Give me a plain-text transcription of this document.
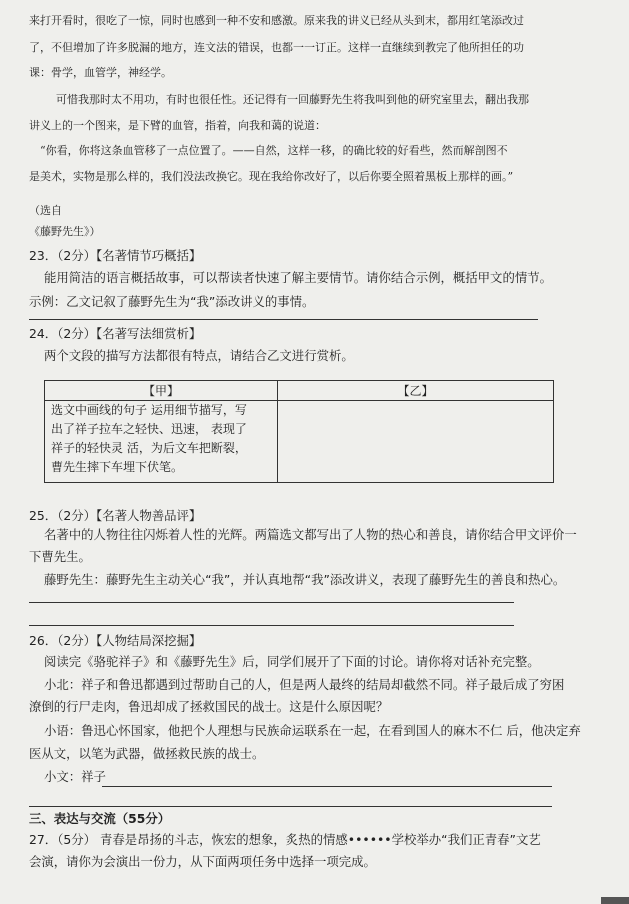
来打开看时，很吃了一惊，同时也感到一种不安和感激。原来我的讲义已经从头到末，都用红笔添改过
了，不但增加了许多脱漏的地方，连文法的错误，也都一一订正。这样一直继续到教完了他所担任的功
课：骨学，血管学，神经学。
可惜我那时太不用功，有时也很任性。还记得有一回藤野先生将我叫到他的研究室里去，翻出我那
讲义上的一个图来，是下臂的血管，指着，向我和蔼的说道：
“你看，你将这条血管移了一点位置了。——自然，这样一移，的确比较的好看些，然而解剖图不
是美术，实物是那么样的，我们没法改换它。现在我给你改好了，以后你要全照着黑板上那样的画。”
（选自
《藤野先生》）
23．（2分）【名著情节巧概括】
能用简洁的语言概括故事，可以帮读者快速了解主要情节。请你结合示例，概括甲文的情节。
示例：乙文记叙了藤野先生为“我”添改讲义的事情。
24．（2分）【名著写法细赏析】
两个文段的描写方法都很有特点，请结合乙文进行赏析。
【甲】	【乙】

选文中画线的句子 运用细节描写，写
出了祥子拉车之轻快、迅速， 表现了
祥子的轻快灵 活，为后文车把断裂，
曹先生摔下车埋下伏笔。	

25．（2分）【名著人物善品评】
名著中的人物往往闪烁着人性的光辉。两篇选文都写出了人物的热心和善良，请你结合甲文评价一
下曹先生。
藤野先生：藤野先生主动关心“我”，并认真地帮“我”添改讲义，表现了藤野先生的善良和热心。
26．（2分）【人物结局深挖掘】
阅读完《骆驼祥子》和《藤野先生》后，同学们展开了下面的讨论。请你将对话补充完整。
小北：祥子和鲁迅都遇到过帮助自己的人，但是两人最终的结局却截然不同。祥子最后成了穷困
潦倒的行尸走肉，鲁迅却成了拯救国民的战士。这是什么原因呢？
小语：鲁迅心怀国家，他把个人理想与民族命运联系在一起，在看到国人的麻木不仁 后，他决定弃
医从文，以笔为武器，做拯救民族的战士。
小文：祥子
三、表达与交流（55分）
27．（5分） 青春是昂扬的斗志，恢宏的想象，炙热的情感••••••学校举办“我们正青春”文艺
会演，请你为会演出一份力，从下面两项任务中选择一项完成。
